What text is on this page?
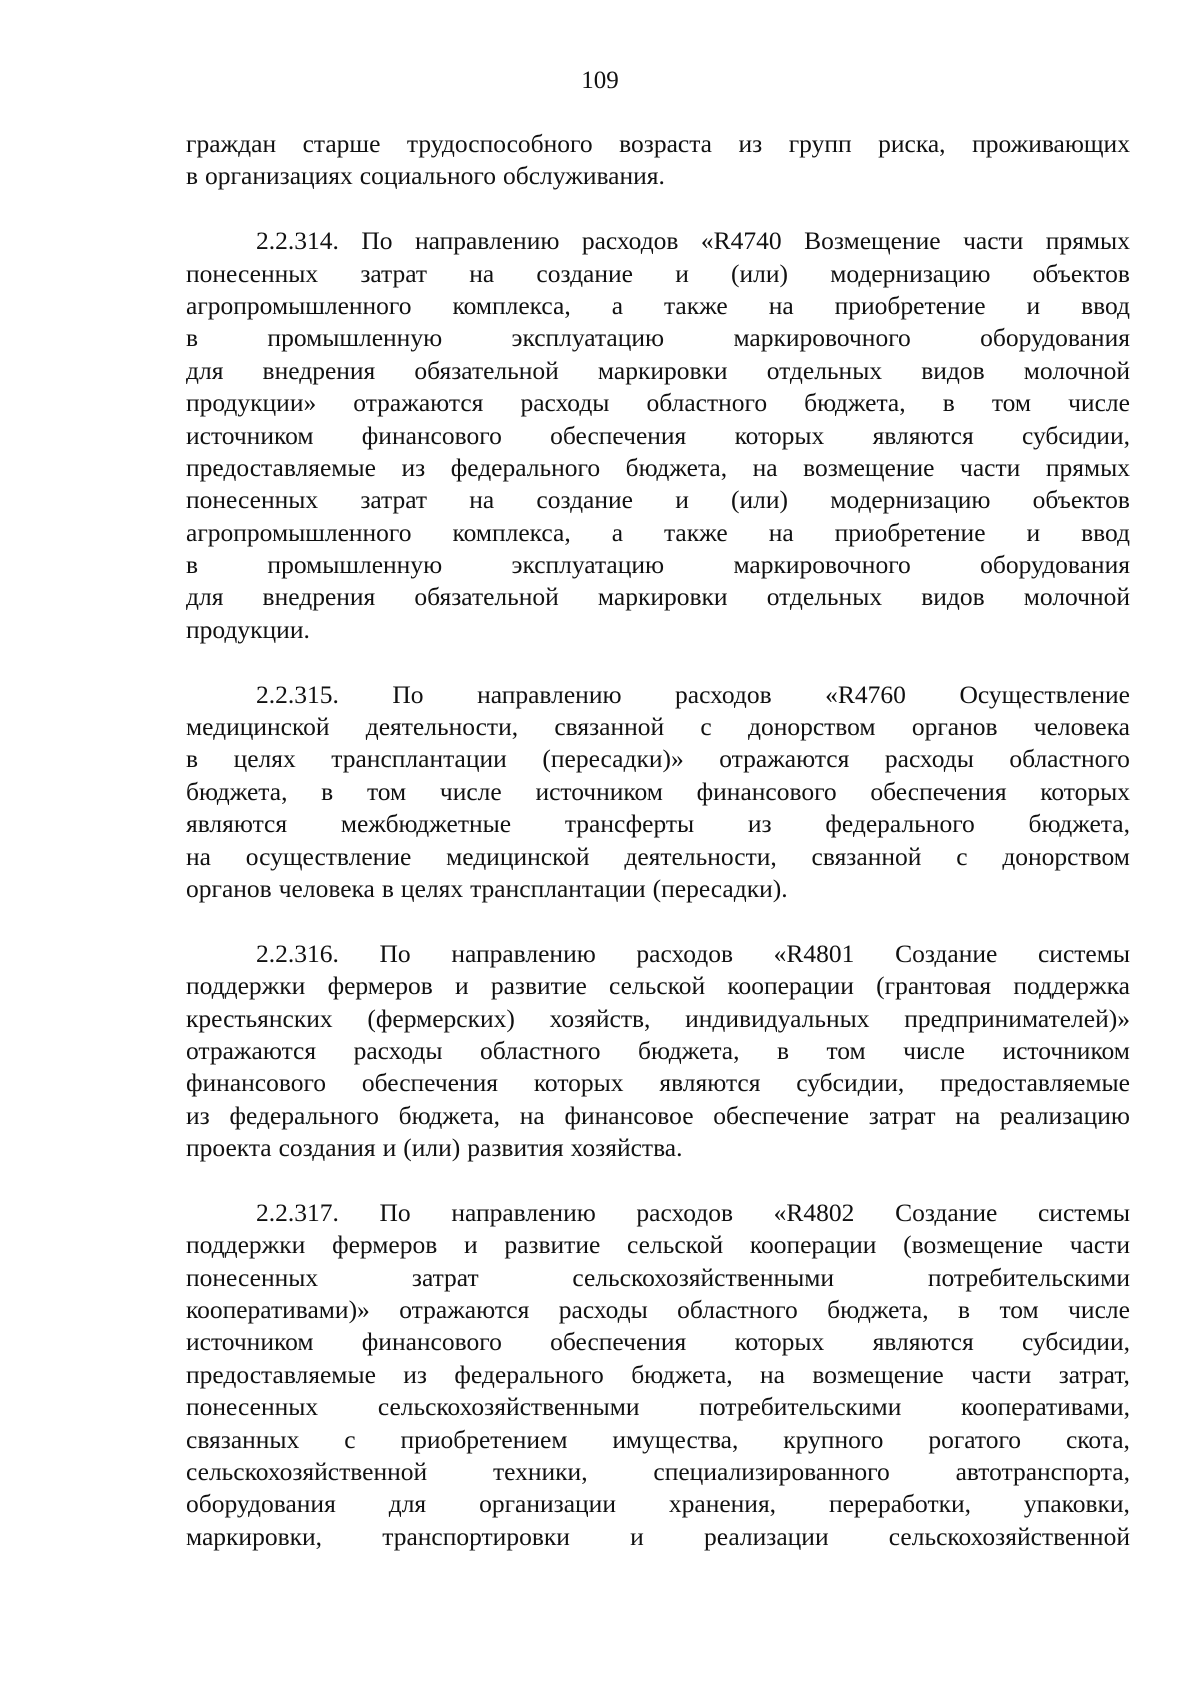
109
граждан старше трудоспособного возраста из групп риска, проживающих
в организациях социального обслуживания.
2.2.314. По направлению расходов «R4740 Возмещение части прямых
понесенных затрат на создание и (или) модернизацию объектов
агропромышленного комплекса, а также на приобретение и ввод
в	промышленную	эксплуатацию	маркировочного	оборудования
для внедрения обязательной маркировки отдельных видов молочной
продукции» отражаются расходы областного бюджета, в том числе
источником финансового обеспечения которых являются субсидии,
предоставляемые из федерального бюджета, на возмещение части прямых
понесенных затрат на создание и (или) модернизацию объектов
агропромышленного комплекса, а также на приобретение и ввод
в	промышленную	эксплуатацию	маркировочного	оборудования
для внедрения обязательной маркировки отдельных видов молочной
продукции.
2.2.315. По направлению расходов «R4760 Осуществление
медицинской деятельности, связанной с донорством органов человека
в целях трансплантации (пересадки)» отражаются расходы областного
бюджета, в том числе источником финансового обеспечения которых
являются межбюджетные трансферты из федерального бюджета,
на осуществление медицинской деятельности, связанной с донорством
органов человека в целях трансплантации (пересадки).
2.2.316. По направлению расходов «R4801 Создание системы
поддержки фермеров и развитие сельской кооперации (грантовая поддержка
крестьянских (фермерских) хозяйств, индивидуальных предпринимателей)»
отражаются расходы областного бюджета, в том числе источником
финансового обеспечения которых являются субсидии, предоставляемые
из федерального бюджета, на финансовое обеспечение затрат на реализацию
проекта создания и (или) развития хозяйства.
2.2.317. По направлению расходов «R4802 Создание системы
поддержки фермеров и развитие сельской кооперации (возмещение части
понесенных	затрат	сельскохозяйственными	потребительскими
кооперативами)» отражаются расходы областного бюджета, в том числе
источником финансового обеспечения которых являются субсидии,
предоставляемые из федерального бюджета, на возмещение части затрат,
понесенных сельскохозяйственными потребительскими кооперативами,
связанных с приобретением имущества, крупного рогатого скота,
сельскохозяйственной	техники,	специализированного	автотранспорта,
оборудования для организации хранения, переработки, упаковки,
маркировки, транспортировки и реализации сельскохозяйственной
